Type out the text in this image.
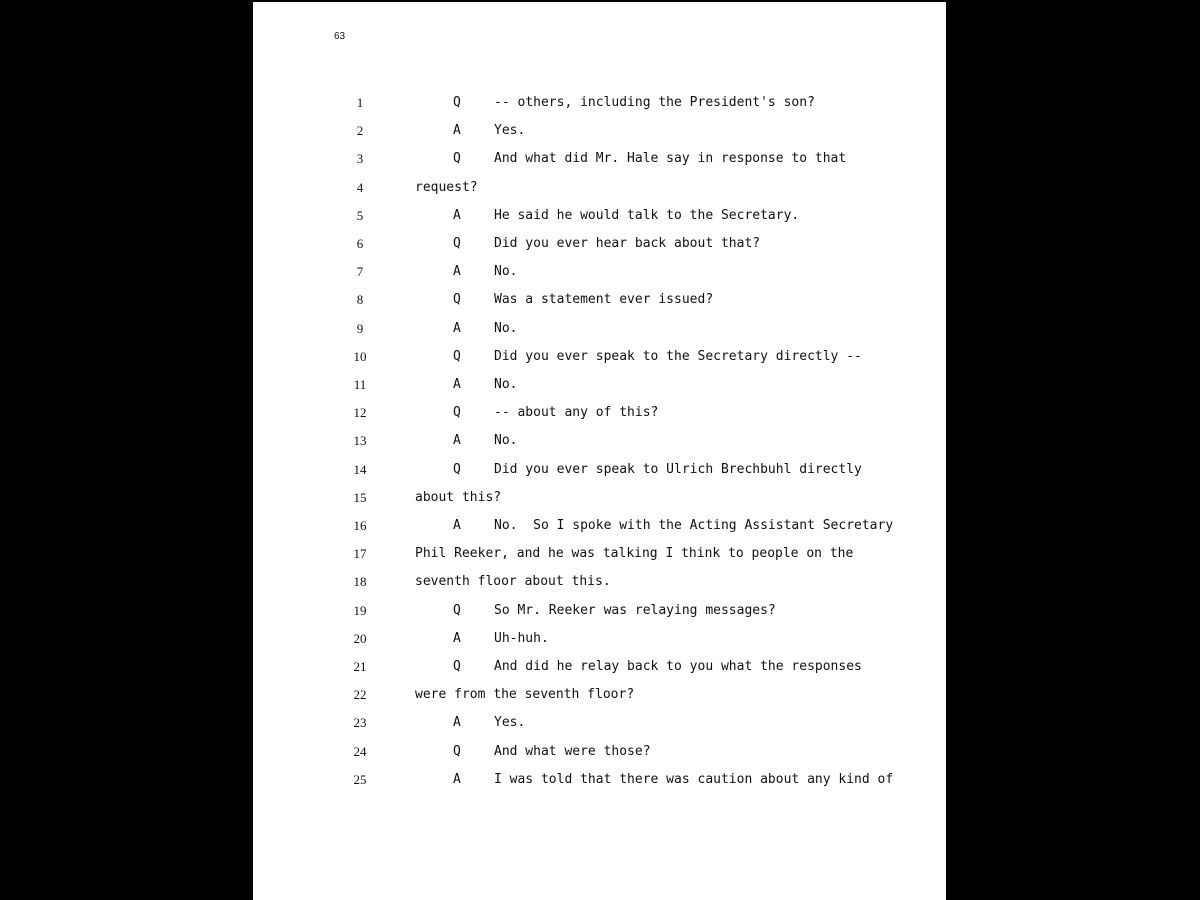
63
1	Q	-- others, including the President's son?
2	A	Yes.
3	Q	And what did Mr. Hale say in response to that
4	request?
5	A	He said he would talk to the Secretary.
6	Q	Did you ever hear back about that?
7	A	No.
8	Q	Was a statement ever issued?
9	A	No.
10	Q	Did you ever speak to the Secretary directly --
11	A	No.
12	Q	-- about any of this?
13	A	No.
14	Q	Did you ever speak to Ulrich Brechbuhl directly
15	about this?
16	A	No.  So I spoke with the Acting Assistant Secretary
17	Phil Reeker, and he was talking I think to people on the
18	seventh floor about this.
19	Q	So Mr. Reeker was relaying messages?
20	A	Uh-huh.
21	Q	And did he relay back to you what the responses
22	were from the seventh floor?
23	A	Yes.
24	Q	And what were those?
25	A	I was told that there was caution about any kind of
